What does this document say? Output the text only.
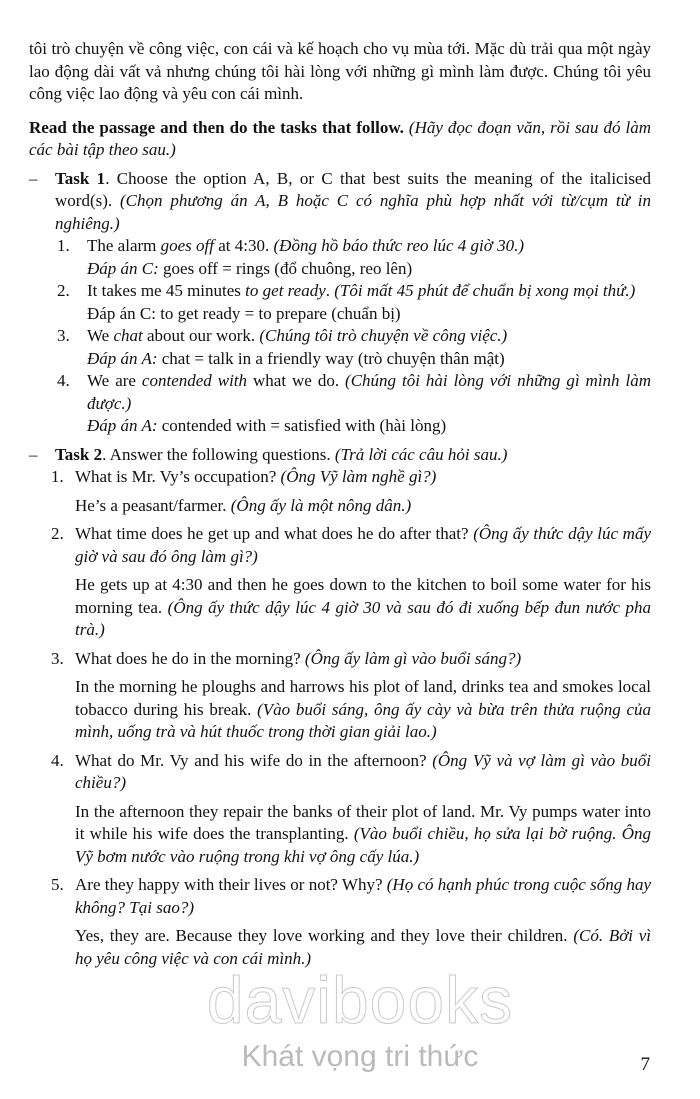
tôi trò chuyện về công việc, con cái và kế hoạch cho vụ mùa tới. Mặc dù trải qua một ngày lao động dài vất vả nhưng chúng tôi hài lòng với những gì mình làm được. Chúng tôi yêu công việc lao động và yêu con cái mình.

Read the passage and then do the tasks that follow. (Hãy đọc đoạn văn, rồi sau đó làm các bài tập theo sau.)

–	Task 1. Choose the option A, B, or C that best suits the meaning of the italicised word(s). (Chọn phương án A, B hoặc C có nghĩa phù hợp nhất với từ/cụm từ in nghiêng.)

1.	The alarm goes off at 4:30. (Đồng hồ báo thức reo lúc 4 giờ 30.)

Đáp án C: goes off = rings (đổ chuông, reo lên)

2.	It takes me 45 minutes to get ready. (Tôi mất 45 phút để chuẩn bị xong mọi thứ.)

Đáp án C: to get ready = to prepare (chuẩn bị)

3.	We chat about our work. (Chúng tôi trò chuyện về công việc.)

Đáp án A: chat = talk in a friendly way (trò chuyện thân mật)

4.	We are contended with what we do. (Chúng tôi hài lòng với những gì mình làm được.)

Đáp án A: contended with = satisfied with (hài lòng)

–	Task 2. Answer the following questions. (Trả lời các câu hỏi sau.)

1. What is Mr. Vy’s occupation? (Ông Vỹ làm nghề gì?)

He’s a peasant/farmer. (Ông ấy là một nông dân.)

2. What time does he get up and what does he do after that? (Ông ấy thức dậy lúc mấy giờ và sau đó ông làm gì?)

He gets up at 4:30 and then he goes down to the kitchen to boil some water for his morning tea. (Ông ấy thức dậy lúc 4 giờ 30 và sau đó đi xuống bếp đun nước pha trà.)

3. What does he do in the morning? (Ông ấy làm gì vào buổi sáng?)

In the morning he ploughs and harrows his plot of land, drinks tea and smokes local tobacco during his break. (Vào buổi sáng, ông ấy cày và bừa trên thửa ruộng của mình, uống trà và hút thuốc trong thời gian giải lao.)

4. What do Mr. Vy and his wife do in the afternoon? (Ông Vỹ và vợ làm gì vào buổi chiều?)

In the afternoon they repair the banks of their plot of land. Mr. Vy pumps water into it while his wife does the transplanting. (Vào buổi chiều, họ sửa lại bờ ruộng. Ông Vỹ bơm nước vào ruộng trong khi vợ ông cấy lúa.)

5. Are they happy with their lives or not? Why? (Họ có hạnh phúc trong cuộc sống hay không? Tại sao?)

Yes, they are. Because they love working and they love their children. (Có. Bởi vì họ yêu công việc và con cái mình.)

davibooks
Khát vọng tri thức	7
